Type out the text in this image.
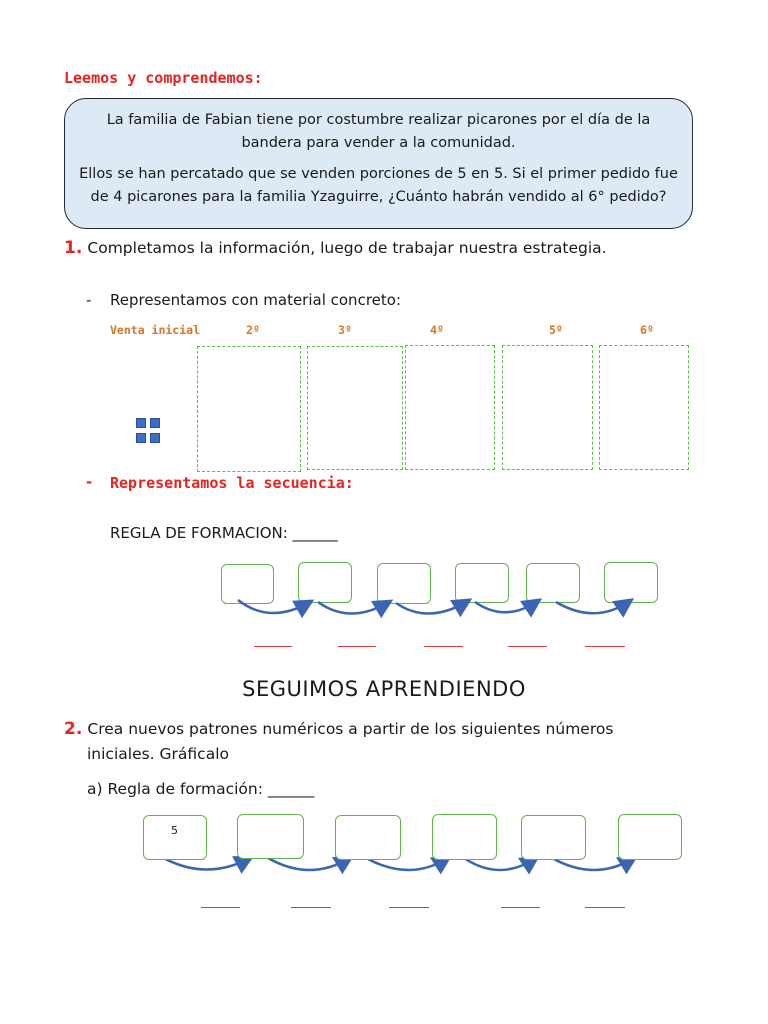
Leemos y comprendemos:
La familia de Fabian tiene por costumbre realizar picarones por el día de la
bandera para vender a la comunidad.
Ellos se han percatado que se venden porciones de 5 en 5. Si el primer pedido fue
de 4 picarones para la familia Yzaguirre, ¿Cuánto habrán vendido al 6° pedido?
1. Completamos la información, luego de trabajar nuestra estrategia.
- Representamos con material concreto:
Venta inicial	2º	3º	4º	5º	6º
- Representamos la secuencia:
REGLA DE FORMACION: ______
SEGUIMOS APRENDIENDO
2. Crea nuevos patrones numéricos a partir de los siguientes números
iniciales. Gráficalo
a) Regla de formación: ______
5
